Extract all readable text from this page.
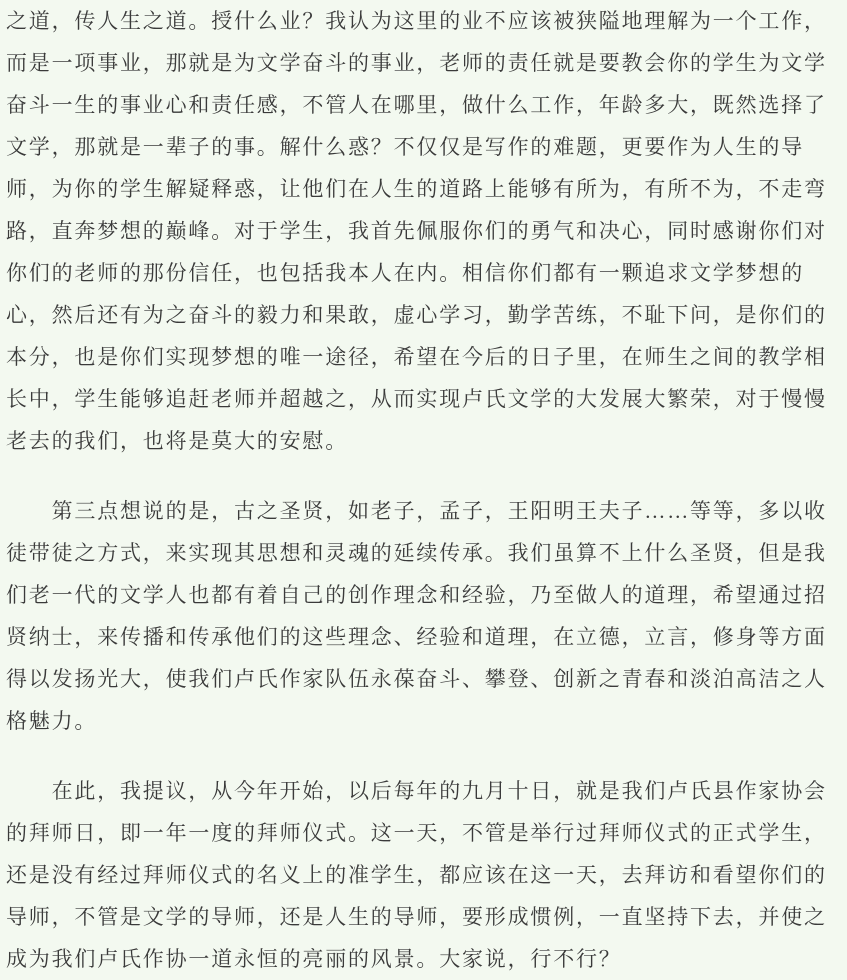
之道，传人生之道。授什么业？我认为这里的业不应该被狭隘地理解为一个工作，
而是一项事业，那就是为文学奋斗的事业，老师的责任就是要教会你的学生为文学
奋斗一生的事业心和责任感，不管人在哪里，做什么工作，年龄多大，既然选择了
文学，那就是一辈子的事。解什么惑？不仅仅是写作的难题，更要作为人生的导
师，为你的学生解疑释惑，让他们在人生的道路上能够有所为，有所不为，不走弯
路，直奔梦想的巅峰。对于学生，我首先佩服你们的勇气和决心，同时感谢你们对
你们的老师的那份信任，也包括我本人在内。相信你们都有一颗追求文学梦想的
心，然后还有为之奋斗的毅力和果敢，虚心学习，勤学苦练，不耻下问，是你们的
本分，也是你们实现梦想的唯一途径，希望在今后的日子里，在师生之间的教学相
长中，学生能够追赶老师并超越之，从而实现卢氏文学的大发展大繁荣，对于慢慢
老去的我们，也将是莫大的安慰。
　　第三点想说的是，古之圣贤，如老子，孟子，王阳明王夫子……等等，多以收
徒带徒之方式，来实现其思想和灵魂的延续传承。我们虽算不上什么圣贤，但是我
们老一代的文学人也都有着自己的创作理念和经验，乃至做人的道理，希望通过招
贤纳士，来传播和传承他们的这些理念、经验和道理，在立德，立言，修身等方面
得以发扬光大，使我们卢氏作家队伍永葆奋斗、攀登、创新之青春和淡泊高洁之人
格魅力。
　　在此，我提议，从今年开始，以后每年的九月十日，就是我们卢氏县作家协会
的拜师日，即一年一度的拜师仪式。这一天，不管是举行过拜师仪式的正式学生，
还是没有经过拜师仪式的名义上的准学生，都应该在这一天，去拜访和看望你们的
导师，不管是文学的导师，还是人生的导师，要形成惯例，一直坚持下去，并使之
成为我们卢氏作协一道永恒的亮丽的风景。大家说，行不行？
